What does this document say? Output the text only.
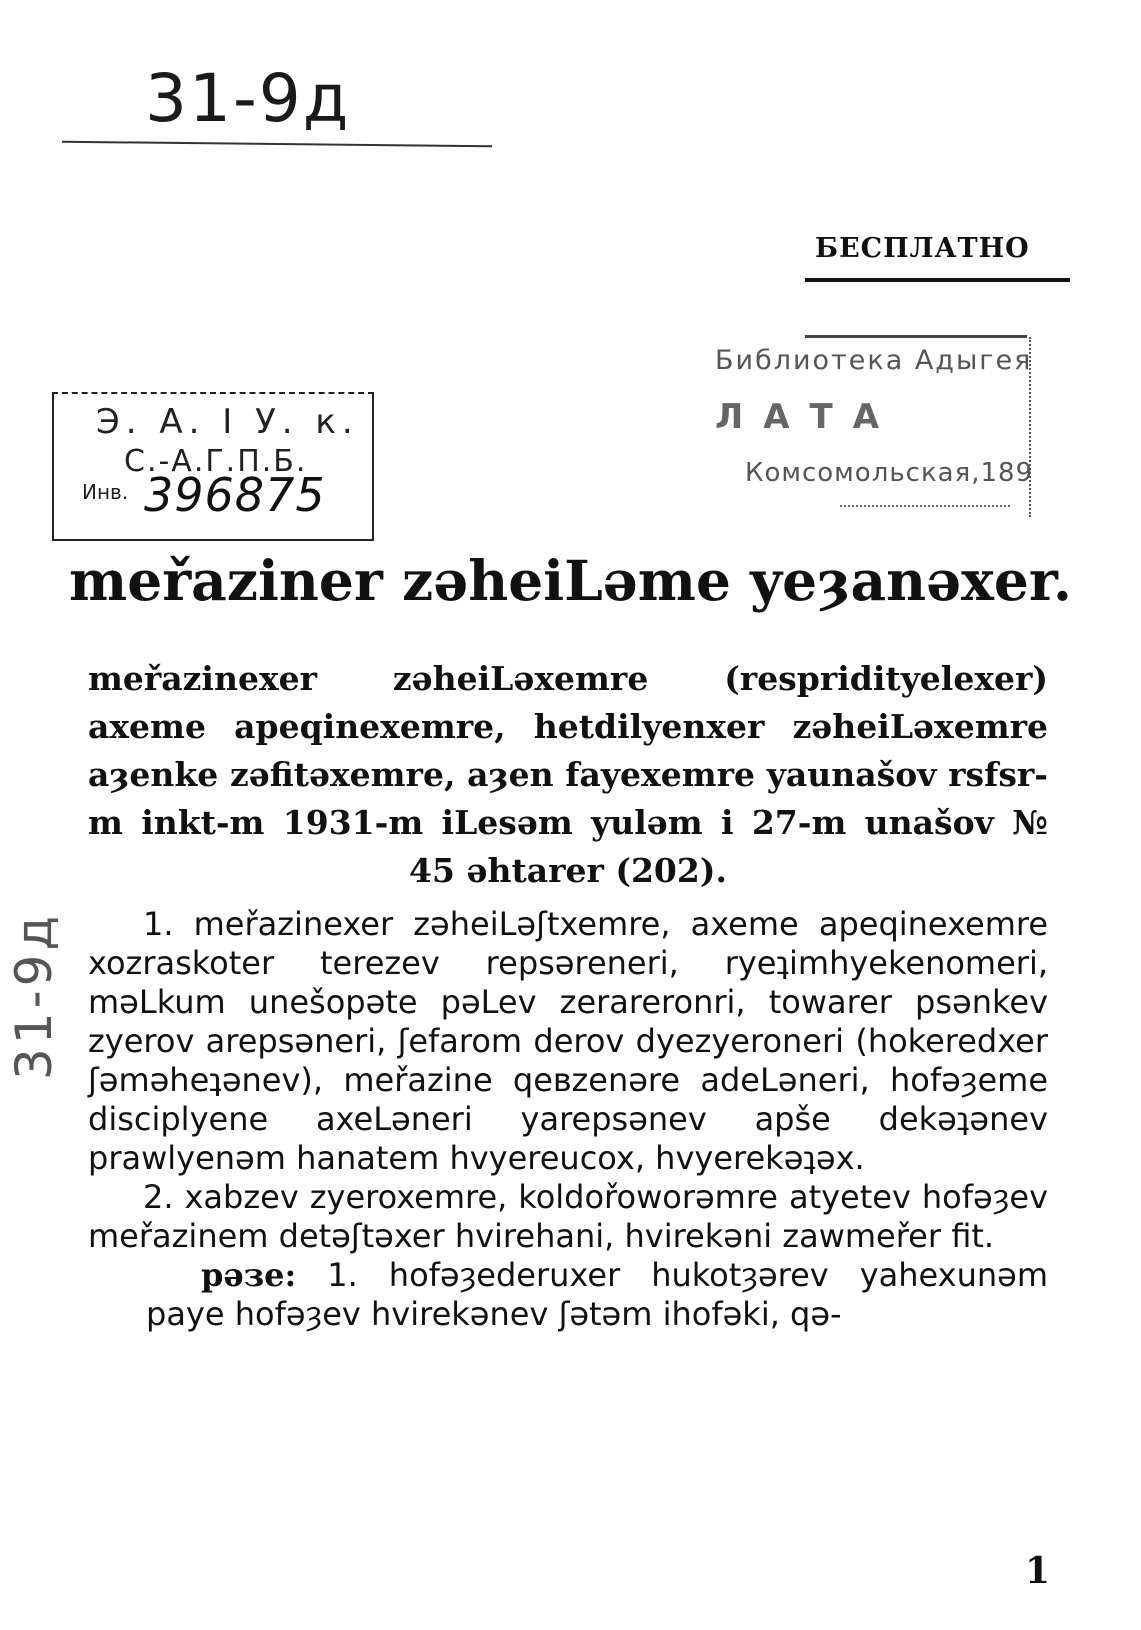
31-9д
БЕСПЛАТНО
Э. А. І У. к.
С.-А.Г.П.Б.
Инв. 396875
Библиотека Адыгея
ЛАТА
Комсомольская,189
meřaziner zəheiLəme yeȝanəxer.

meřazinexer zəheiLəxemre (respridityelexer) axeme apeqinexemre, hetdilyenxer zəheiLəxemre aȝenke zəfitəxemre, aȝen fayexemre yaunašov rsfsr-m inkt-m 1931-m iLesəm yuləm i 27-m unašov № 45 əhtarer (202).

1. meřazinexer zəheiLəʃtxemre, axeme apeqinexemre xozraskoter terezev repsəreneri, ryeʇimhyekenomeri, məLkum unešopəte pəLev zerareronri, towarer psənkev zyerov arepsəneri, ʃefarom derov dyezyeroneri (hokeredxer ʃəməheʇənev), meřazine qeʙzenəre adeLəneri, hofəȝeme disciplyene axeLəneri yarepsənev apše dekəʇənev prawlyenəm hanatem hvyereucox, hvyerekəʇəx.

2. xabzev zyeroxemre, koldořoworəmre atyetev hofəȝev meřazinem detəʃtəxer hvirehani, hvirekəni zawmeřer fit.

рəзе: 1. hofəȝederuxer hukotȝərev yahexunəm paye hofəȝev hvirekənev ʃətəm ihofəki, qə-

31-9д
1
